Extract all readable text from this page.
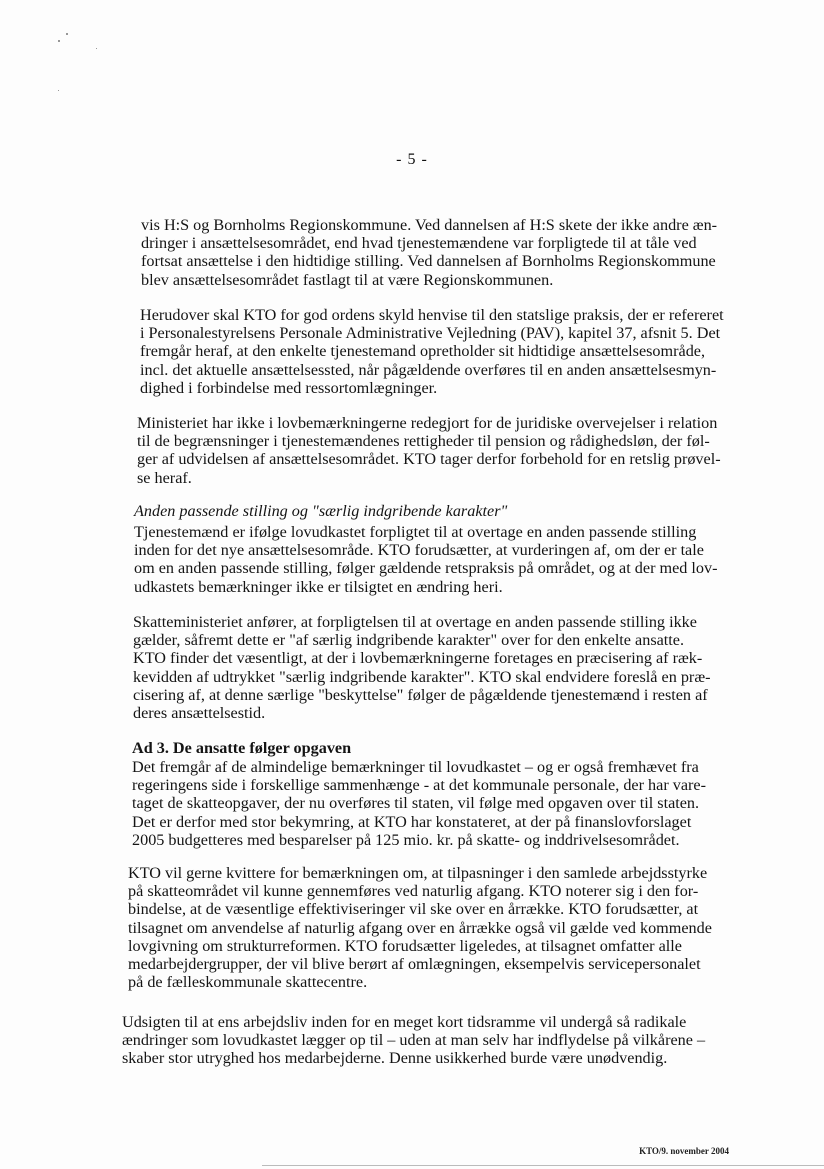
- 5 -
vis H:S og Bornholms Regionskommune. Ved dannelsen af H:S skete der ikke andre æn-
dringer i ansættelsesområdet, end hvad tjenestemændene var forpligtede til at tåle ved
fortsat ansættelse i den hidtidige stilling. Ved dannelsen af Bornholms Regionskommune
blev ansættelsesområdet fastlagt til at være Regionskommunen.
Herudover skal KTO for god ordens skyld henvise til den statslige praksis, der er refereret
i Personalestyrelsens Personale Administrative Vejledning (PAV), kapitel 37, afsnit 5. Det
fremgår heraf, at den enkelte tjenestemand opretholder sit hidtidige ansættelsesområde,
incl. det aktuelle ansættelsessted, når pågældende overføres til en anden ansættelsesmyn-
dighed i forbindelse med ressortomlægninger.
Ministeriet har ikke i lovbemærkningerne redegjort for de juridiske overvejelser i relation
til de begrænsninger i tjenestemændenes rettigheder til pension og rådighedsløn, der føl-
ger af udvidelsen af ansættelsesområdet. KTO tager derfor forbehold for en retslig prøvel-
se heraf.
Anden passende stilling og "særlig indgribende karakter"
Tjenestemænd er ifølge lovudkastet forpligtet til at overtage en anden passende stilling
inden for det nye ansættelsesområde. KTO forudsætter, at vurderingen af, om der er tale
om en anden passende stilling, følger gældende retspraksis på området, og at der med lov-
udkastets bemærkninger ikke er tilsigtet en ændring heri.
Skatteministeriet anfører, at forpligtelsen til at overtage en anden passende stilling ikke
gælder, såfremt dette er "af særlig indgribende karakter" over for den enkelte ansatte.
KTO finder det væsentligt, at der i lovbemærkningerne foretages en præcisering af ræk-
kevidden af udtrykket "særlig indgribende karakter". KTO skal endvidere foreslå en præ-
cisering af, at denne særlige "beskyttelse" følger de pågældende tjenestemænd i resten af
deres ansættelsestid.
Ad 3. De ansatte følger opgaven
Det fremgår af de almindelige bemærkninger til lovudkastet – og er også fremhævet fra
regeringens side i forskellige sammenhænge - at det kommunale personale, der har vare-
taget de skatteopgaver, der nu overføres til staten, vil følge med opgaven over til staten.
Det er derfor med stor bekymring, at KTO har konstateret, at der på finanslovforslaget
2005 budgetteres med besparelser på 125 mio. kr. på skatte- og inddrivelsesområdet.
KTO vil gerne kvittere for bemærkningen om, at tilpasninger i den samlede arbejdsstyrke
på skatteområdet vil kunne gennemføres ved naturlig afgang. KTO noterer sig i den for-
bindelse, at de væsentlige effektiviseringer vil ske over en årrække. KTO forudsætter, at
tilsagnet om anvendelse af naturlig afgang over en årrække også vil gælde ved kommende
lovgivning om strukturreformen. KTO forudsætter ligeledes, at tilsagnet omfatter alle
medarbejdergrupper, der vil blive berørt af omlægningen, eksempelvis servicepersonalet
på de fælleskommunale skattecentre.
Udsigten til at ens arbejdsliv inden for en meget kort tidsramme vil undergå så radikale
ændringer som lovudkastet lægger op til – uden at man selv har indflydelse på vilkårene –
skaber stor utryghed hos medarbejderne. Denne usikkerhed burde være unødvendig.
KTO/9. november 2004
